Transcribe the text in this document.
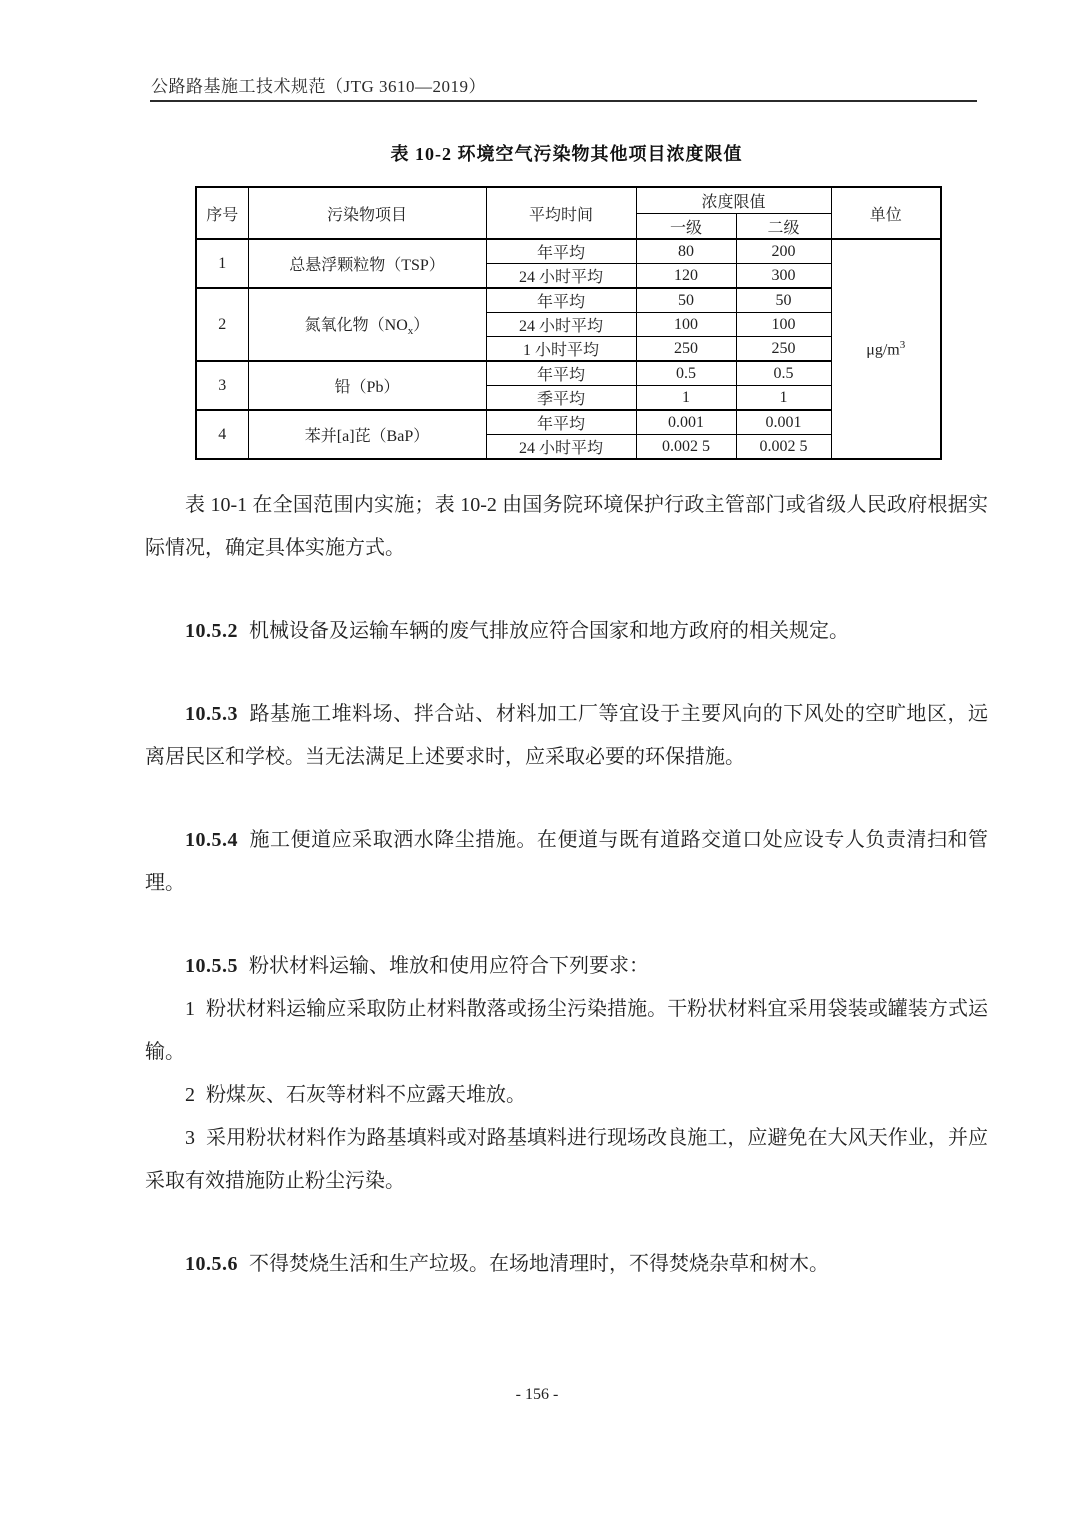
公路路基施工技术规范（JTG 3610—2019）
表 10-2 环境空气污染物其他项目浓度限值
序号	污染物项目	平均时间	浓度限值		单位
			一级	二级	
1	总悬浮颗粒物（TSP）	年平均	80	200	$\mu g/m^3$
		24 小时平均	120	300	
2	氮氧化物$(NO_x)$	年平均	50	50	
		24 小时平均	100	100	
		1 小时平均	250	250	
3	铅（Pb）	年平均	0.5	0.5	
		季平均	1	1	
4	苯并[a]芘（BaP）	年平均	0.001	0.001	
		24 小时平均	0.002 5	0.002 5	

表 10-1 在全国范围内实施；表 10-2 由国务院环境保护行政主管部门或省级人民政府根据实际情况，确定具体实施方式。

10.5.2 机械设备及运输车辆的废气排放应符合国家和地方政府的相关规定。

10.5.3 路基施工堆料场、拌合站、材料加工厂等宜设于主要风向的下风处的空旷地区，远离居民区和学校。当无法满足上述要求时，应采取必要的环保措施。

10.5.4 施工便道应采取洒水降尘措施。在便道与既有道路交道口处应设专人负责清扫和管理。

10.5.5 粉状材料运输、堆放和使用应符合下列要求：

1 粉状材料运输应采取防止材料散落或扬尘污染措施。干粉状材料宜采用袋装或罐装方式运输。

2 粉煤灰、石灰等材料不应露天堆放。

3 采用粉状材料作为路基填料或对路基填料进行现场改良施工，应避免在大风天作业，并应采取有效措施防止粉尘污染。

10.5.6 不得焚烧生活和生产垃圾。在场地清理时，不得焚烧杂草和树木。

- 156 -
